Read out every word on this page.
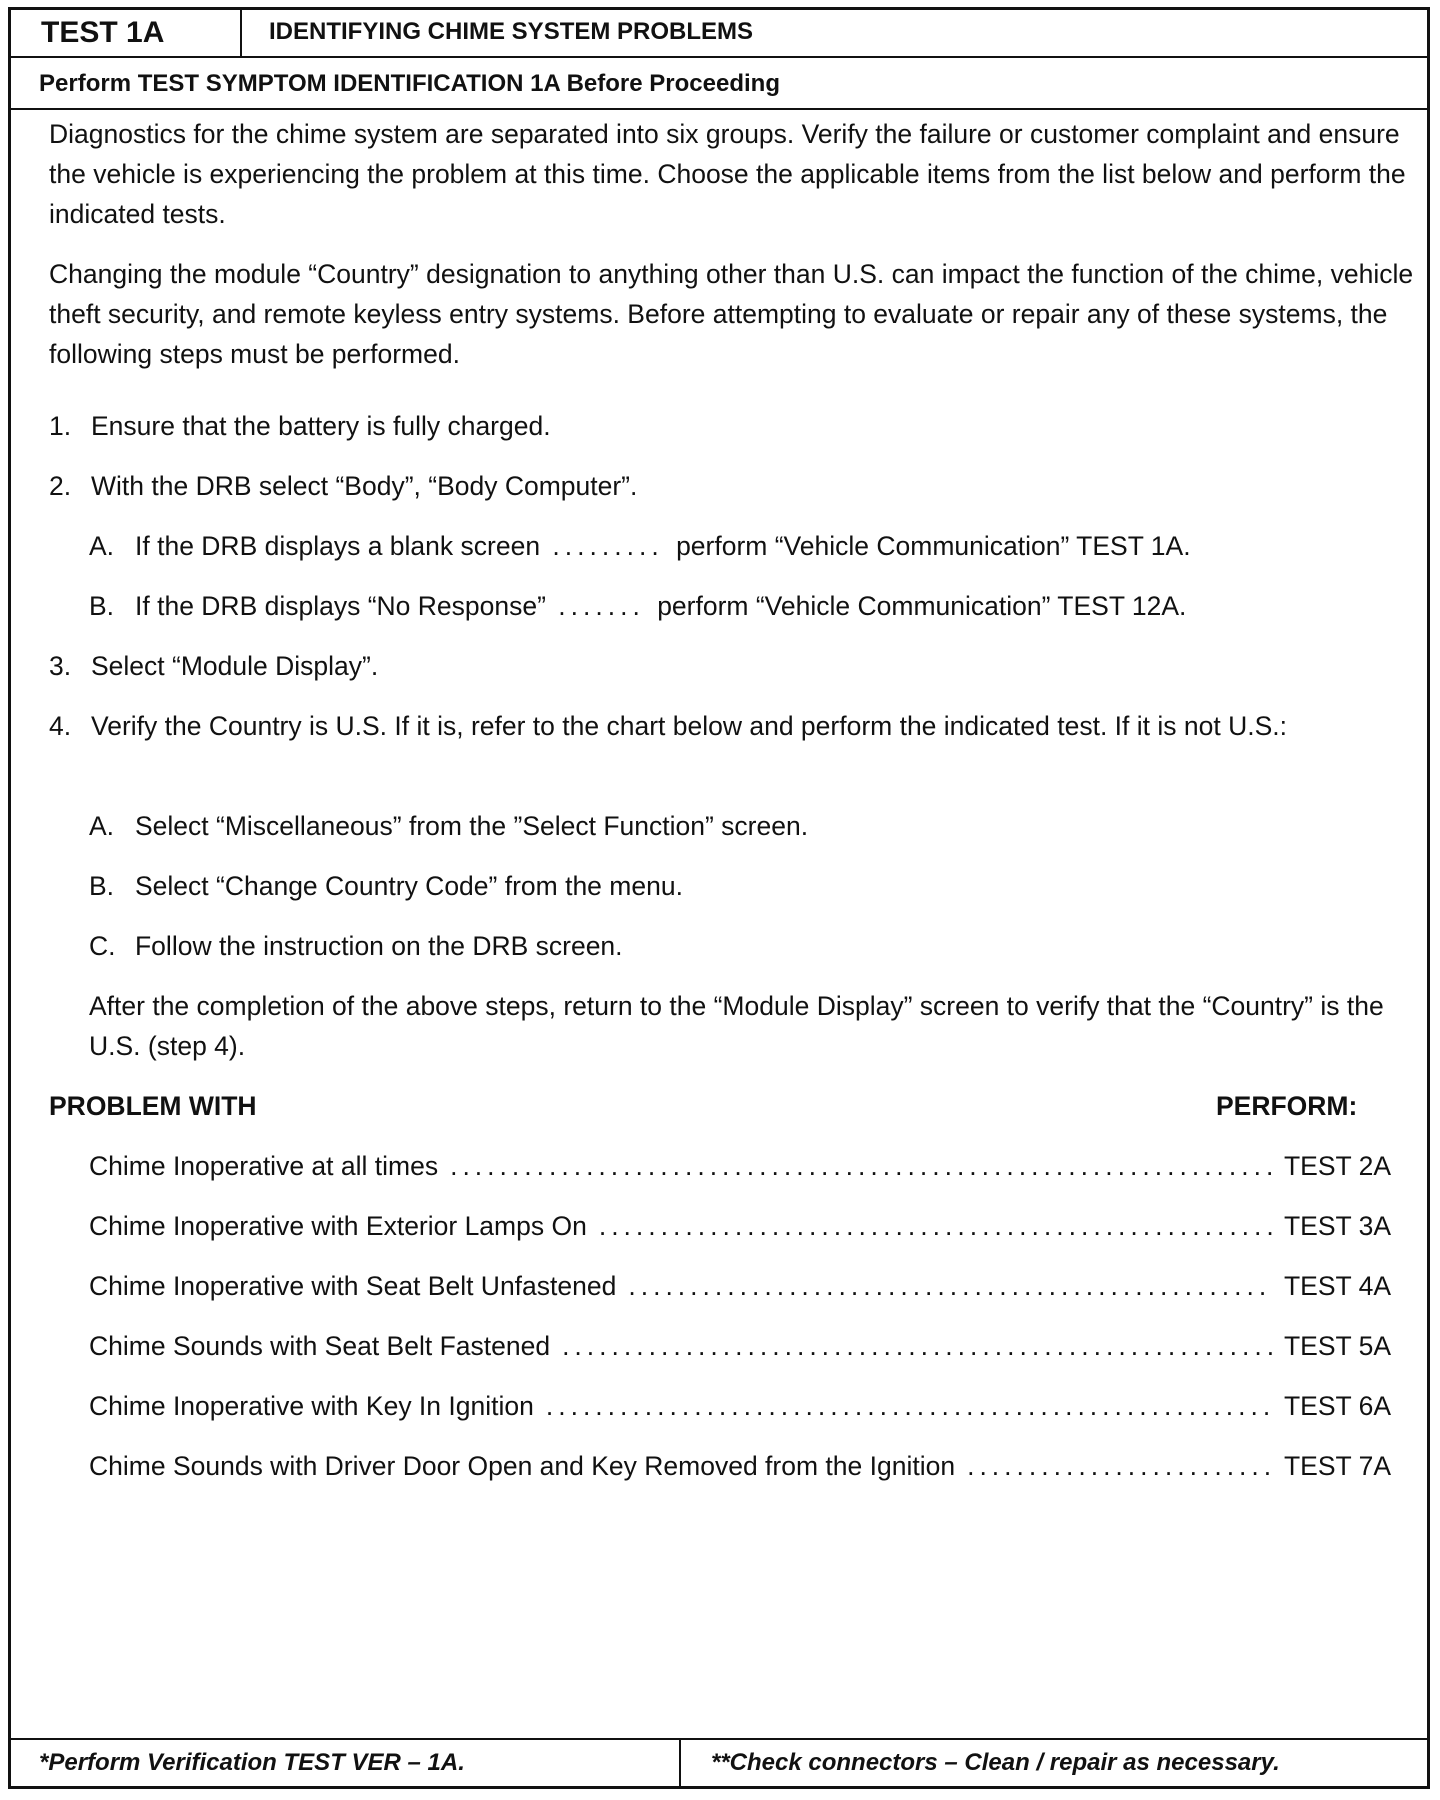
TEST 1A	IDENTIFYING CHIME SYSTEM PROBLEMS
Perform TEST SYMPTOM IDENTIFICATION 1A Before Proceeding

Diagnostics for the chime system are separated into six groups. Verify the failure or customer complaint and ensure the vehicle is experiencing the problem at this time. Choose the applicable items from the list below and perform the indicated tests.

Changing the module “Country” designation to anything other than U.S. can impact the function of the chime, vehicle theft security, and remote keyless entry systems. Before attempting to evaluate or repair any of these systems, the following steps must be performed.

1. Ensure that the battery is fully charged.
2. With the DRB select “Body”, “Body Computer”.
A. If the DRB displays a blank screen ......... perform “Vehicle Communication” TEST 1A.
B. If the DRB displays “No Response” ....... perform “Vehicle Communication” TEST 12A.
3. Select “Module Display”.
4. Verify the Country is U.S. If it is, refer to the chart below and perform the indicated test. If it is not U.S.:
A. Select “Miscellaneous” from the ”Select Function” screen.
B. Select “Change Country Code” from the menu.
C. Follow the instruction on the DRB screen.

After the completion of the above steps, return to the “Module Display” screen to verify that the “Country” is the U.S. (step 4).

PROBLEM WITH	PERFORM:
Chime Inoperative at all times .....	TEST 2A
Chime Inoperative with Exterior Lamps On .....	TEST 3A
Chime Inoperative with Seat Belt Unfastened .....	TEST 4A
Chime Sounds with Seat Belt Fastened .....	TEST 5A
Chime Inoperative with Key In Ignition .....	TEST 6A
Chime Sounds with Driver Door Open and Key Removed from the Ignition .....	TEST 7A
*Perform Verification TEST VER – 1A.	**Check connectors – Clean / repair as necessary.
